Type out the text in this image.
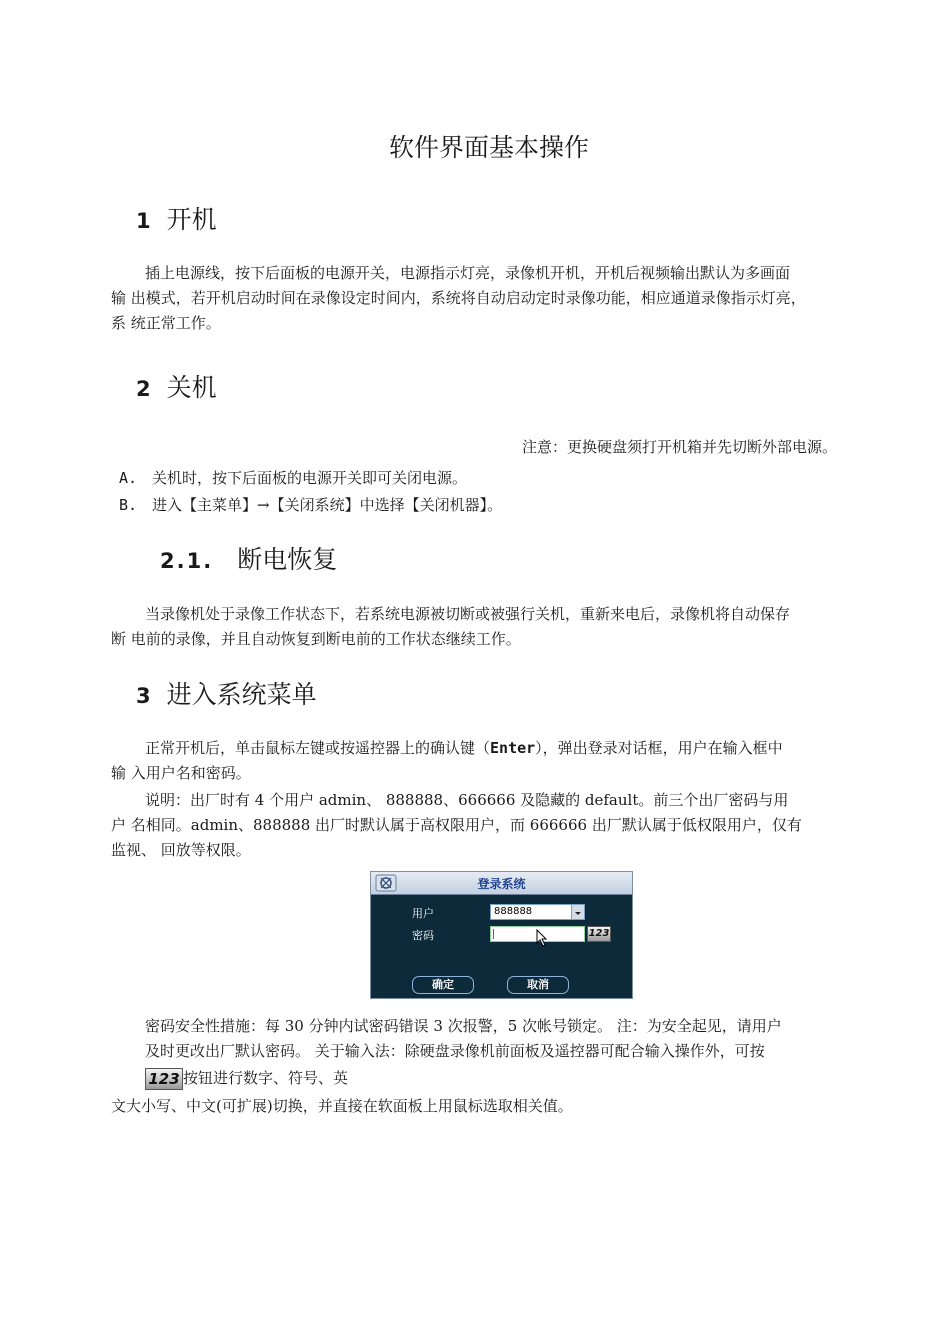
软件界面基本操作
1 开机
插上电源线，按下后面板的电源开关，电源指示灯亮，录像机开机，开机后视频输出默认为多画面
输 出模式，若开机启动时间在录像设定时间内，系统将自动启动定时录像功能，相应通道录像指示灯亮，
系 统正常工作。
2 关机
注意：更换硬盘须打开机箱并先切断外部电源。
A. 关机时，按下后面板的电源开关即可关闭电源。
B. 进入【主菜单】→【关闭系统】中选择【关闭机器】。
2.1. 断电恢复
当录像机处于录像工作状态下，若系统电源被切断或被强行关机，重新来电后，录像机将自动保存
断 电前的录像，并且自动恢复到断电前的工作状态继续工作。
3 进入系统菜单
正常开机后，单击鼠标左键或按遥控器上的确认键（Enter），弹出登录对话框，用户在输入框中
输 入用户名和密码。
说明：出厂时有 4 个用户 admin、 888888、666666 及隐藏的 default。前三个出厂密码与用
户 名相同。admin、888888 出厂时默认属于高权限用户，而 666666 出厂默认属于低权限用户，仅有
监视、 回放等权限。
登录系统
用户	888888
密码	123
确定	取消
密码安全性措施：每 30 分钟内试密码错误 3 次报警，5 次帐号锁定。 注：为安全起见，请用户
及时更改出厂默认密码。 关于输入法：除硬盘录像机前面板及遥控器可配合输入操作外，可按
123 按钮进行数字、符号、英
文大小写、中文(可扩展)切换，并直接在软面板上用鼠标选取相关值。
